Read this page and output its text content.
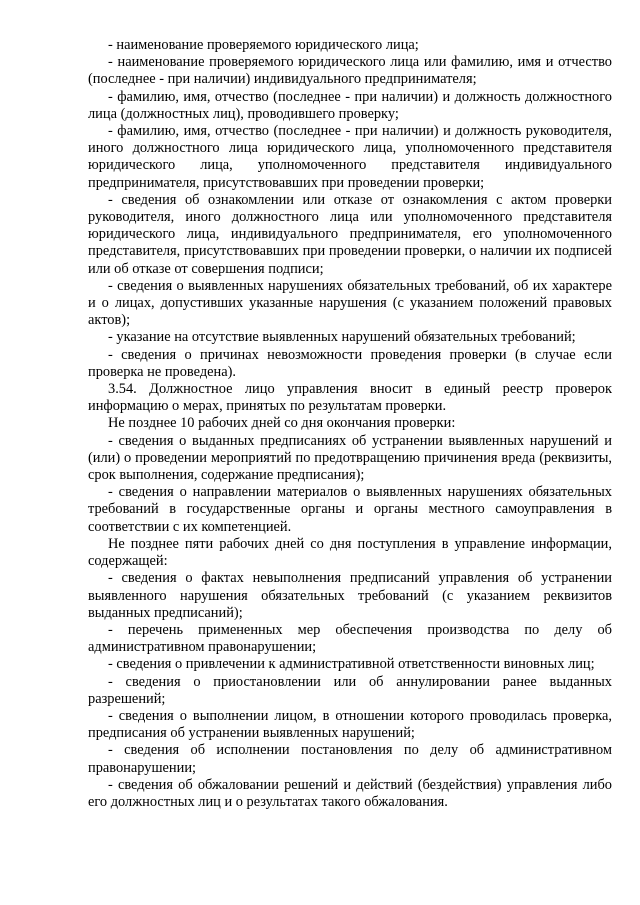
- наименование проверяемого юридического лица;

- наименование проверяемого юридического лица или фамилию, имя и отчество (последнее - при наличии) индивидуального предпринимателя;

- фамилию, имя, отчество (последнее - при наличии) и должность должностного лица (должностных лиц), проводившего проверку;

- фамилию, имя, отчество (последнее - при наличии) и должность руководителя, иного должностного лица юридического лица, уполномоченного представителя юридического лица, уполномоченного представителя индивидуального предпринимателя, присутствовавших при проведении проверки;

- сведения об ознакомлении или отказе от ознакомления с актом проверки руководителя, иного должностного лица или уполномоченного представителя юридического лица, индивидуального предпринимателя, его уполномоченного представителя, присутствовавших при проведении проверки, о наличии их подписей или об отказе от совершения подписи;

- сведения о выявленных нарушениях обязательных требований, об их характере и о лицах, допустивших указанные нарушения (с указанием положений правовых актов);

- указание на отсутствие выявленных нарушений обязательных требований;

- сведения о причинах невозможности проведения проверки (в случае если проверка не проведена).

3.54. Должностное лицо управления вносит в единый реестр проверок информацию о мерах, принятых по результатам проверки.

Не позднее 10 рабочих дней со дня окончания проверки:

- сведения о выданных предписаниях об устранении выявленных нарушений и (или) о проведении мероприятий по предотвращению причинения вреда (реквизиты, срок выполнения, содержание предписания);

- сведения о направлении материалов о выявленных нарушениях обязательных требований в государственные органы и органы местного самоуправления в соответствии с их компетенцией.

Не позднее пяти рабочих дней со дня поступления в управление информации, содержащей:

- сведения о фактах невыполнения предписаний управления об устранении выявленного нарушения обязательных требований (с указанием реквизитов выданных предписаний);

- перечень примененных мер обеспечения производства по делу об административном правонарушении;

- сведения о привлечении к административной ответственности виновных лиц;

- сведения о приостановлении или об аннулировании ранее выданных разрешений;

- сведения о выполнении лицом, в отношении которого проводилась проверка, предписания об устранении выявленных нарушений;

- сведения об исполнении постановления по делу об административном правонарушении;

- сведения об обжаловании решений и действий (бездействия) управления либо его должностных лиц и о результатах такого обжалования.
